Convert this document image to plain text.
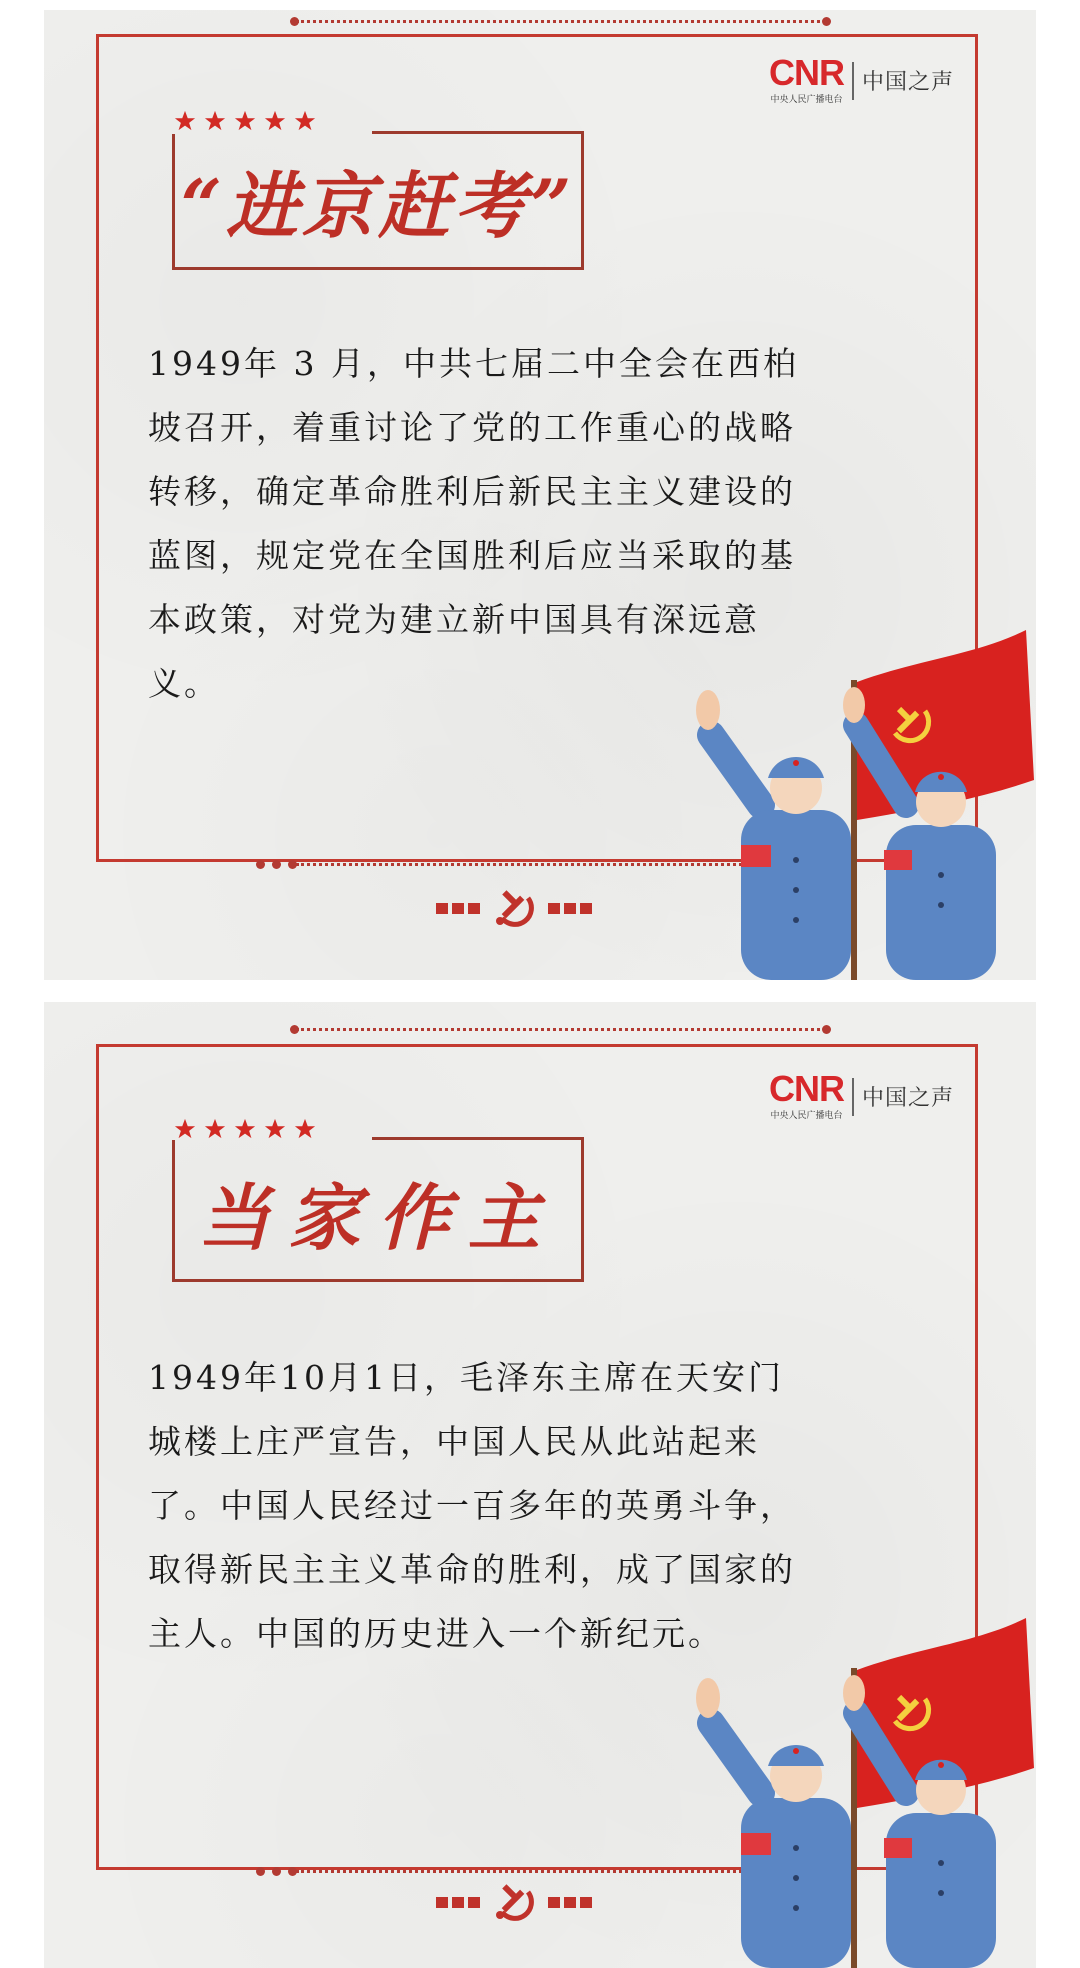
CNR
中央人民广播电台
中国之声
“进京赶考”
1949年 3 月，中共七届二中全会在西柏坡召开，着重讨论了党的工作重心的战略转移，确定革命胜利后新民主主义建设的蓝图，规定党在全国胜利后应当采取的基本政策，对党为建立新中国具有深远意义。
CNR
中央人民广播电台
中国之声
当家作主
1949年10月1日，毛泽东主席在天安门城楼上庄严宣告，中国人民从此站起来了。中国人民经过一百多年的英勇斗争，取得新民主主义革命的胜利，成了国家的主人。中国的历史进入一个新纪元。
